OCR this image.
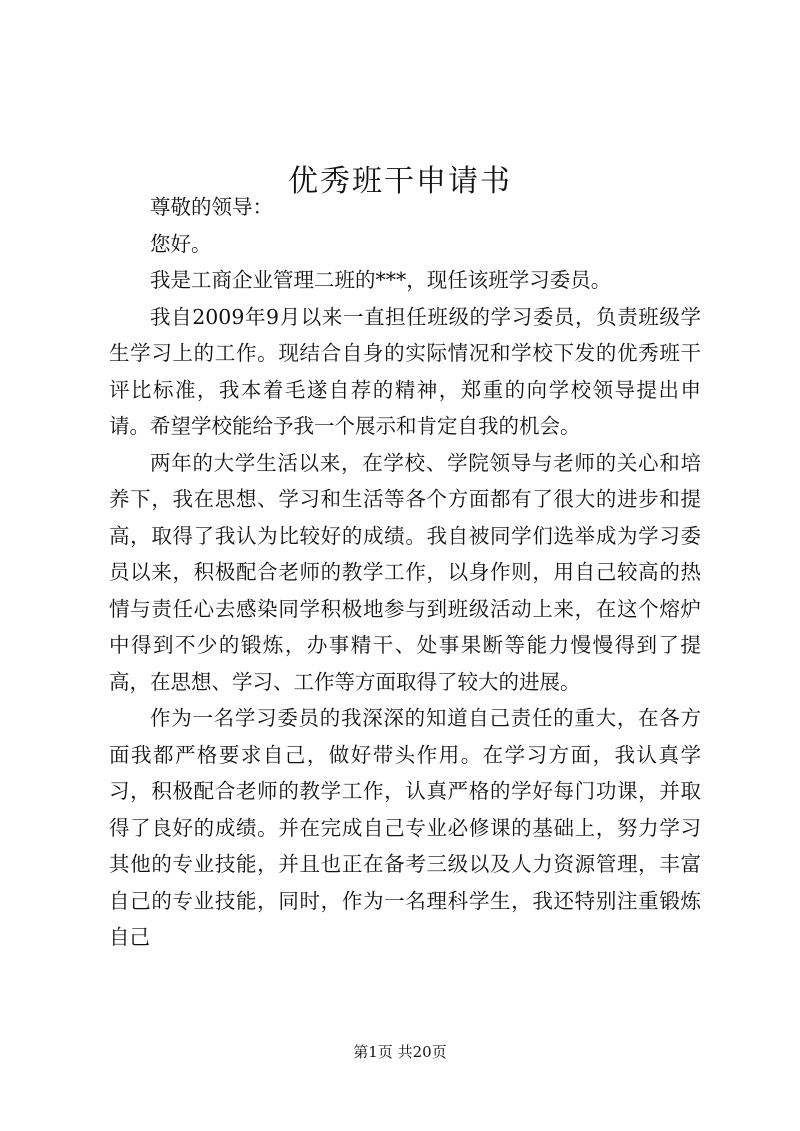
优秀班干申请书

尊敬的领导：

您好。

我是工商企业管理二班的***，现任该班学习委员。

我自2009年9月以来一直担任班级的学习委员，负责班级学生学习上的工作。现结合自身的实际情况和学校下发的优秀班干评比标准，我本着毛遂自荐的精神，郑重的向学校领导提出申请。希望学校能给予我一个展示和肯定自我的机会。

两年的大学生活以来，在学校、学院领导与老师的关心和培养下，我在思想、学习和生活等各个方面都有了很大的进步和提高，取得了我认为比较好的成绩。我自被同学们选举成为学习委员以来，积极配合老师的教学工作，以身作则，用自己较高的热情与责任心去感染同学积极地参与到班级活动上来，在这个熔炉中得到不少的锻炼，办事精干、处事果断等能力慢慢得到了提高，在思想、学习、工作等方面取得了较大的进展。

作为一名学习委员的我深深的知道自己责任的重大，在各方面我都严格要求自己，做好带头作用。在学习方面，我认真学习，积极配合老师的教学工作，认真严格的学好每门功课，并取得了良好的成绩。并在完成自己专业必修课的基础上，努力学习其他的专业技能，并且也正在备考三级以及人力资源管理，丰富自己的专业技能，同时，作为一名理科学生，我还特别注重锻炼自己

第1页 共20页
